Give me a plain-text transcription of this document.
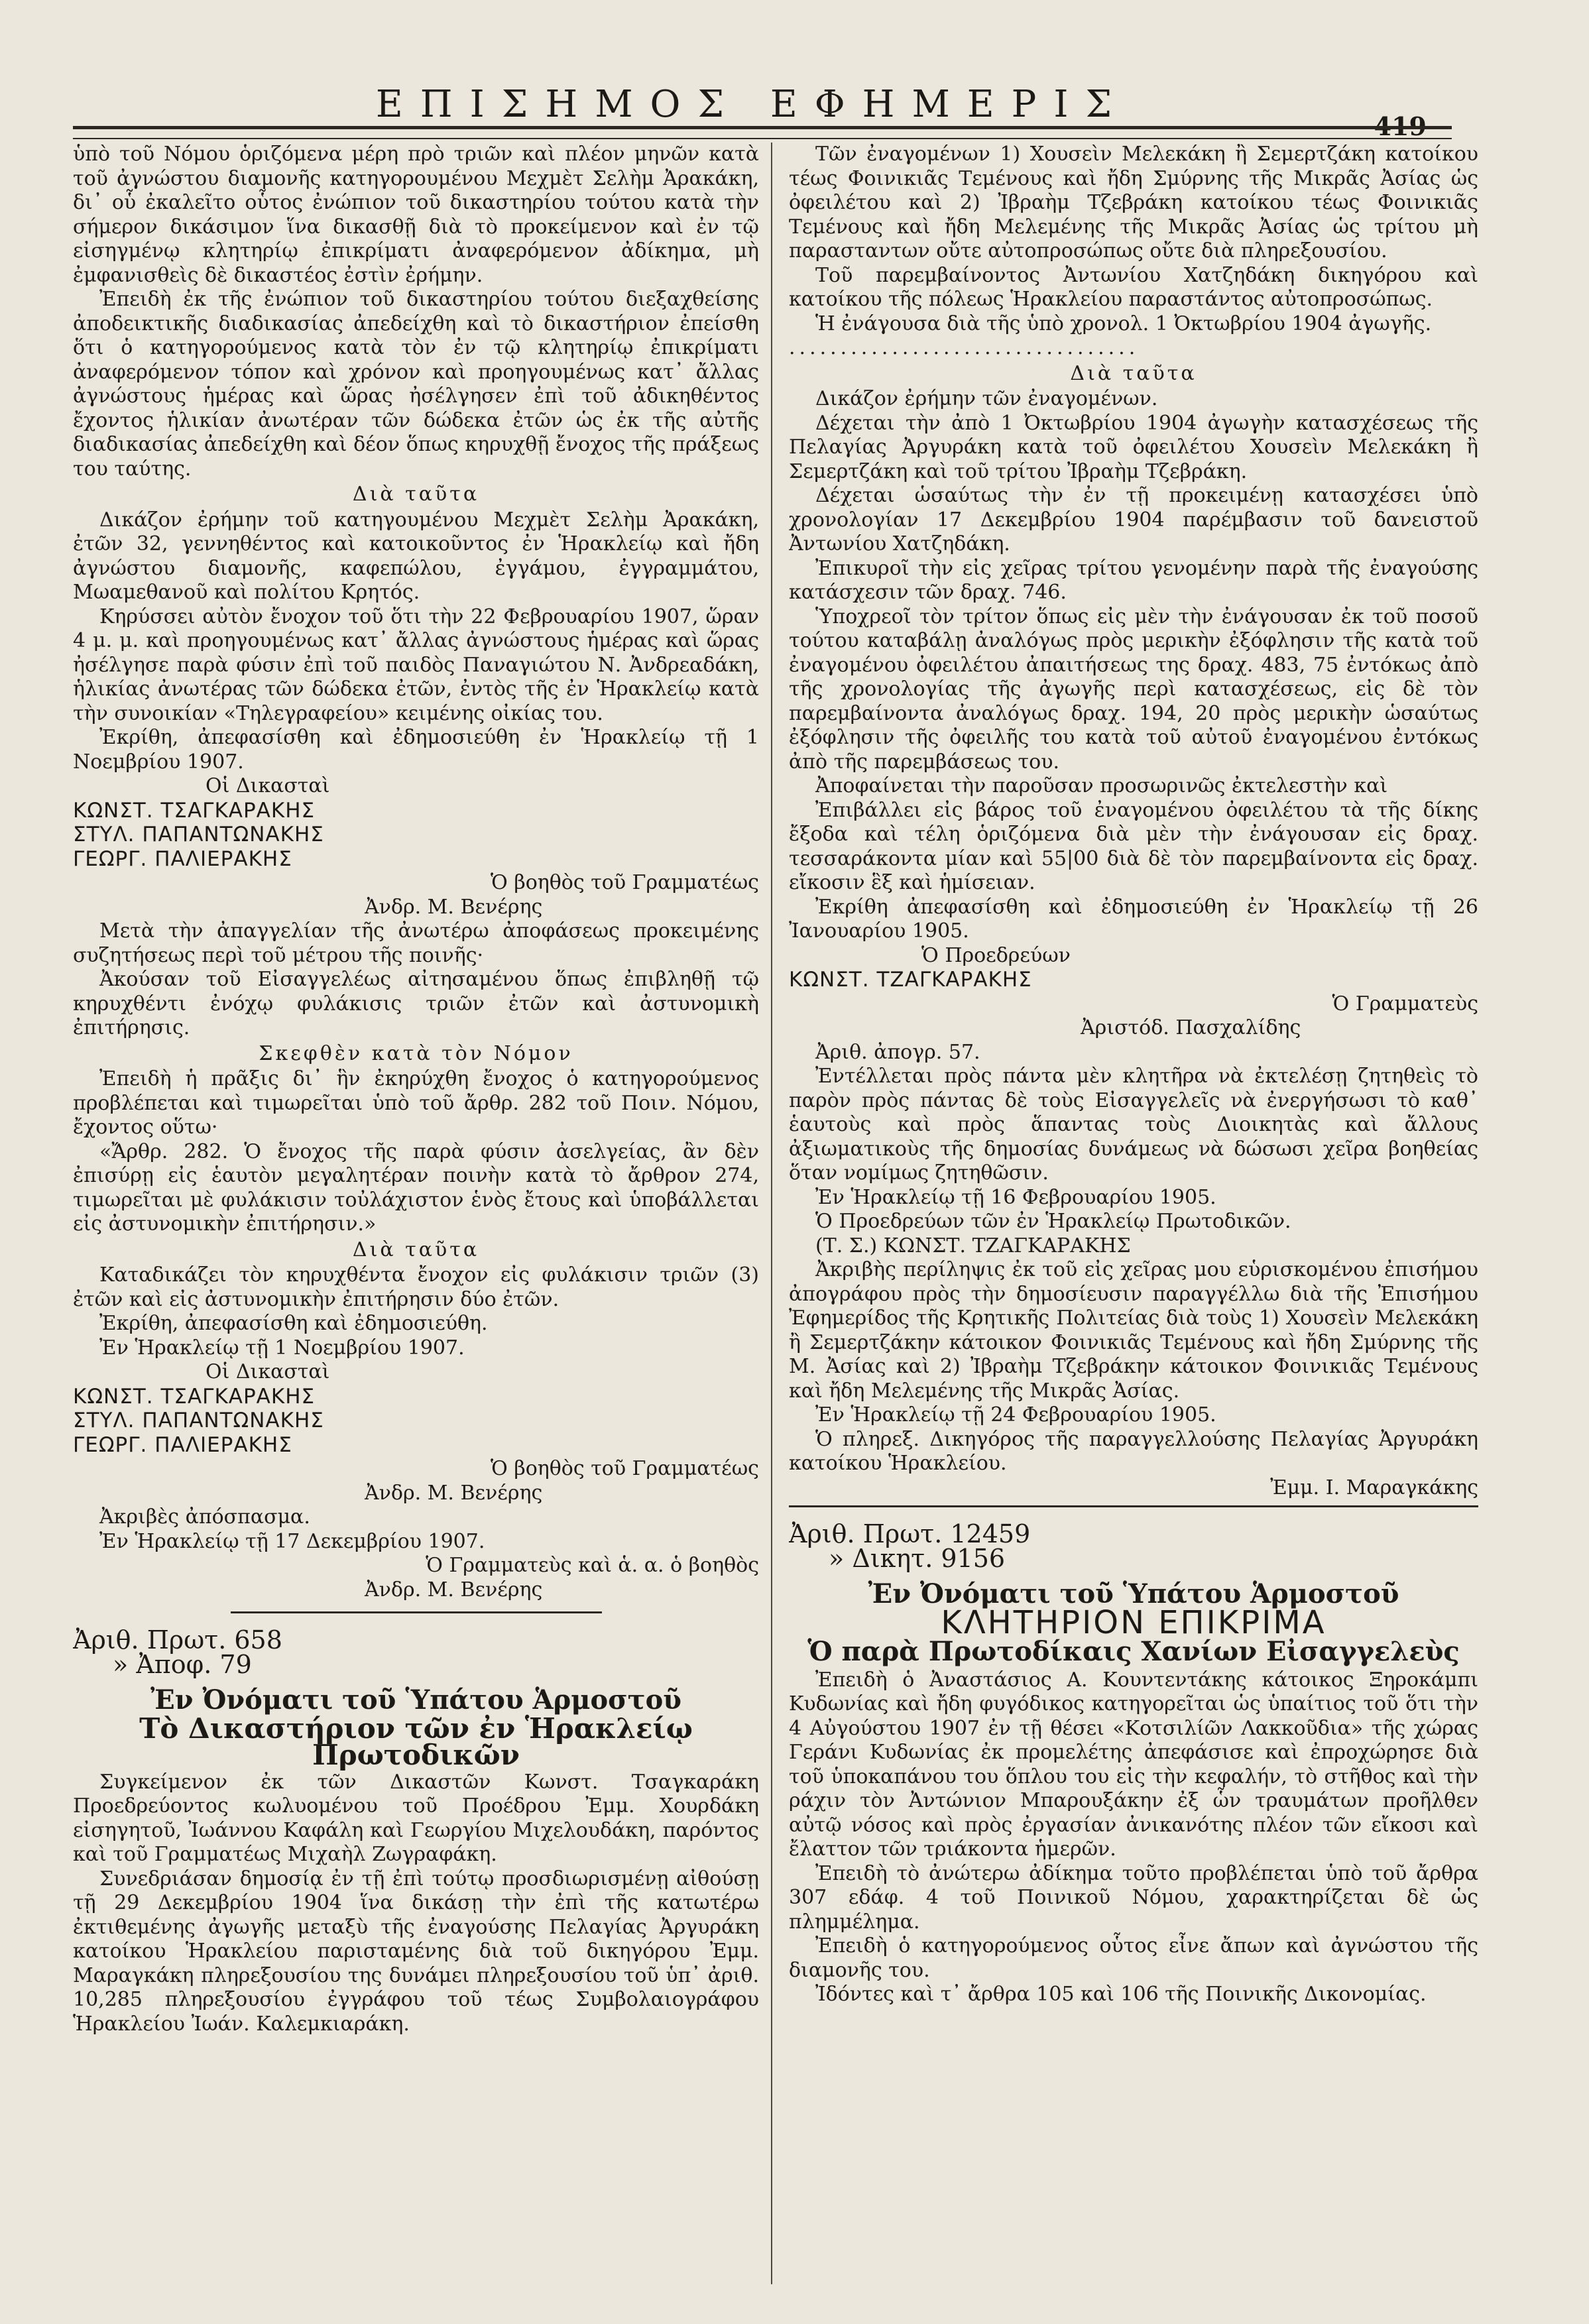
ΕΠΙΣΗΜΟΣ ΕΦΗΜΕΡΙΣ
419

ὑπὸ τοῦ Νόμου ὁριζόμενα μέρη πρὸ τριῶν καὶ πλέον μηνῶν κατὰ τοῦ ἀγνώστου διαμονῆς κατηγορουμένου Μεχμὲτ Σελὴμ Ἀρακάκη, δι᾽ οὗ ἐκαλεῖτο οὗτος ἐνώπιον τοῦ δικαστηρίου τούτου κατὰ τὴν σήμερον δικάσιμον ἵνα δικασθῇ διὰ τὸ προκείμενον καὶ ἐν τῷ εἰσηγμένῳ κλητηρίῳ ἐπικρίματι ἀναφερόμενον ἀδίκημα, μὴ ἐμφανισθεὶς δὲ δικαστέος ἐστὶν ἐρήμην.

Ἐπειδὴ ἐκ τῆς ἐνώπιον τοῦ δικαστηρίου τούτου διεξαχθείσης ἀποδεικτικῆς διαδικασίας ἀπεδείχθη καὶ τὸ δικαστήριον ἐπείσθη ὅτι ὁ κατηγορούμενος κατὰ τὸν ἐν τῷ κλητηρίῳ ἐπικρίματι ἀναφερόμενον τόπον καὶ χρόνον καὶ προηγουμένως κατ᾽ ἄλλας ἀγνώστους ἡμέρας καὶ ὥρας ἠσέλγησεν ἐπὶ τοῦ ἀδικηθέντος ἔχοντος ἡλικίαν ἀνωτέραν τῶν δώδεκα ἐτῶν ὡς ἐκ τῆς αὐτῆς διαδικασίας ἀπεδείχθη καὶ δέον ὅπως κηρυχθῇ ἔνοχος τῆς πράξεως του ταύτης.

Διὰ ταῦτα

Δικάζον ἐρήμην τοῦ κατηγουμένου Μεχμὲτ Σελὴμ Ἀρακάκη, ἐτῶν 32, γεννηθέντος καὶ κατοικοῦντος ἐν Ἡρακλείῳ καὶ ἤδη ἀγνώστου διαμονῆς, καφεπώλου, ἐγγάμου, ἐγγραμμάτου, Μωαμεθανοῦ καὶ πολίτου Κρητός.

Κηρύσσει αὐτὸν ἔνοχον τοῦ ὅτι τὴν 22 Φεβρουαρίου 1907, ὥραν 4 μ. μ. καὶ προηγουμένως κατ᾽ ἄλλας ἀγνώστους ἡμέρας καὶ ὥρας ἠσέλγησε παρὰ φύσιν ἐπὶ τοῦ παιδὸς Παναγιώτου Ν. Ἀνδρεαδάκη, ἡλικίας ἀνωτέρας τῶν δώδεκα ἐτῶν, ἐντὸς τῆς ἐν Ἡρακλείῳ κατὰ τὴν συνοικίαν «Τηλεγραφείου» κειμένης οἰκίας του.

Ἐκρίθη, ἀπεφασίσθη καὶ ἐδημοσιεύθη ἐν Ἡρακλείῳ τῇ 1 Νοεμβρίου 1907.

Οἱ Δικασταὶ

ΚΩΝΣΤ. ΤΣΑΓΚΑΡΑΚΗΣ

ΣΤΥΛ. ΠΑΠΑΝΤΩΝΑΚΗΣ

ΓΕΩΡΓ. ΠΑΛΙΕΡΑΚΗΣ

Ὁ βοηθὸς τοῦ Γραμματέως

Ἀνδρ. Μ. Βενέρης

Μετὰ τὴν ἀπαγγελίαν τῆς ἀνωτέρω ἀποφάσεως προκειμένης συζητήσεως περὶ τοῦ μέτρου τῆς ποινῆς·

Ἀκούσαν τοῦ Εἰσαγγελέως αἰτησαμένου ὅπως ἐπιβληθῇ τῷ κηρυχθέντι ἐνόχῳ φυλάκισις τριῶν ἐτῶν καὶ ἀστυνομικὴ ἐπιτήρησις.

Σκεφθὲν κατὰ τὸν Νόμον

Ἐπειδὴ ἡ πρᾶξις δι᾽ ἣν ἐκηρύχθη ἔνοχος ὁ κατηγορούμενος προβλέπεται καὶ τιμωρεῖται ὑπὸ τοῦ ἄρθρ. 282 τοῦ Ποιν. Νόμου, ἔχοντος οὕτω·

«Ἄρθρ. 282. Ὁ ἔνοχος τῆς παρὰ φύσιν ἀσελγείας, ἂν δὲν ἐπισύρῃ εἰς ἑαυτὸν μεγαλητέραν ποινὴν κατὰ τὸ ἄρθρον 274, τιμωρεῖται μὲ φυλάκισιν τοὐλάχιστον ἑνὸς ἔτους καὶ ὑποβάλλεται εἰς ἀστυνομικὴν ἐπιτήρησιν.»

Διὰ ταῦτα

Καταδικάζει τὸν κηρυχθέντα ἔνοχον εἰς φυλάκισιν τριῶν (3) ἐτῶν καὶ εἰς ἀστυνομικὴν ἐπιτήρησιν δύο ἐτῶν.

Ἐκρίθη, ἀπεφασίσθη καὶ ἐδημοσιεύθη.

Ἐν Ἡρακλείῳ τῇ 1 Νοεμβρίου 1907.

Οἱ Δικασταὶ

ΚΩΝΣΤ. ΤΣΑΓΚΑΡΑΚΗΣ

ΣΤΥΛ. ΠΑΠΑΝΤΩΝΑΚΗΣ

ΓΕΩΡΓ. ΠΑΛΙΕΡΑΚΗΣ

Ὁ βοηθὸς τοῦ Γραμματέως

Ἀνδρ. Μ. Βενέρης

Ἀκριβὲς ἀπόσπασμα.

Ἐν Ἡρακλείῳ τῇ 17 Δεκεμβρίου 1907.

Ὁ Γραμματεὺς καὶ ἁ. α. ὁ βοηθὸς

Ἀνδρ. Μ. Βενέρης

Ἀριθ. Πρωτ. 658

» Ἀποφ. 79

Ἐν Ὀνόματι τοῦ Ὑπάτου Ἁρμοστοῦ

Τὸ Δικαστήριον τῶν ἐν Ἡρακλείῳ

Πρωτοδικῶν

Συγκείμενον ἐκ τῶν Δικαστῶν Κωνστ. Τσαγκαράκη Προεδρεύοντος κωλυομένου τοῦ Προέδρου Ἐμμ. Χουρδάκη εἰσηγητοῦ, Ἰωάννου Καφάλη καὶ Γεωργίου Μιχελουδάκη, παρόντος καὶ τοῦ Γραμματέως Μιχαὴλ Ζωγραφάκη.

Συνεδριάσαν δημοσίᾳ ἐν τῇ ἐπὶ τούτῳ προσδιωρισμένῃ αἰθούσῃ τῇ 29 Δεκεμβρίου 1904 ἵνα δικάσῃ τὴν ἐπὶ τῆς κατωτέρω ἐκτιθεμένης ἀγωγῆς μεταξὺ τῆς ἐναγούσης Πελαγίας Ἀργυράκη κατοίκου Ἡρακλείου παρισταμένης διὰ τοῦ δικηγόρου Ἐμμ. Μαραγκάκη πληρεξουσίου της δυνάμει πληρεξουσίου τοῦ ὑπ᾽ ἀριθ. 10,285 πληρεξουσίου ἐγγράφου τοῦ τέως Συμβολαιογράφου Ἡρακλείου Ἰωάν. Καλεμκιαράκη.

Τῶν ἐναγομένων 1) Χουσεὶν Μελεκάκη ἢ Σεμερτζάκη κατοίκου τέως Φοινικιᾶς Τεμένους καὶ ἤδη Σμύρνης τῆς Μικρᾶς Ἀσίας ὡς ὀφειλέτου καὶ 2) Ἰβραὴμ Τζεβράκη κατοίκου τέως Φοινικιᾶς Τεμένους καὶ ἤδη Μελεμένης τῆς Μικρᾶς Ἀσίας ὡς τρίτου μὴ παρασταντων οὔτε αὐτοπροσώπως οὔτε διὰ πληρεξουσίου.

Τοῦ παρεμβαίνοντος Ἀντωνίου Χατζηδάκη δικηγόρου καὶ κατοίκου τῆς πόλεως Ἡρακλείου παραστάντος αὐτοπροσώπως.

Ἡ ἐνάγουσα διὰ τῆς ὑπὸ χρονολ. 1 Ὀκτωβρίου 1904 ἀγωγῆς.

..................................

Διὰ ταῦτα

Δικάζον ἐρήμην τῶν ἐναγομένων.

Δέχεται τὴν ἀπὸ 1 Ὀκτωβρίου 1904 ἀγωγὴν κατασχέσεως τῆς Πελαγίας Ἀργυράκη κατὰ τοῦ ὀφειλέτου Χουσεὶν Μελεκάκη ἢ Σεμερτζάκη καὶ τοῦ τρίτου Ἰβραὴμ Τζεβράκη.

Δέχεται ὡσαύτως τὴν ἐν τῇ προκειμένῃ κατασχέσει ὑπὸ χρονολογίαν 17 Δεκεμβρίου 1904 παρέμβασιν τοῦ δανειστοῦ Ἀντωνίου Χατζηδάκη.

Ἐπικυροῖ τὴν εἰς χεῖρας τρίτου γενομένην παρὰ τῆς ἐναγούσης κατάσχεσιν τῶν δραχ. 746.

Ὑποχρεοῖ τὸν τρίτον ὅπως εἰς μὲν τὴν ἐνάγουσαν ἐκ τοῦ ποσοῦ τούτου καταβάλῃ ἀναλόγως πρὸς μερικὴν ἐξόφλησιν τῆς κατὰ τοῦ ἐναγομένου ὀφειλέτου ἀπαιτήσεως της δραχ. 483, 75 ἐντόκως ἀπὸ τῆς χρονολογίας τῆς ἀγωγῆς περὶ κατασχέσεως, εἰς δὲ τὸν παρεμβαίνοντα ἀναλόγως δραχ. 194, 20 πρὸς μερικὴν ὡσαύτως ἐξόφλησιν τῆς ὀφειλῆς του κατὰ τοῦ αὐτοῦ ἐναγομένου ἐντόκως ἀπὸ τῆς παρεμβάσεως του.

Ἀποφαίνεται τὴν παροῦσαν προσωρινῶς ἐκτελεστὴν καὶ

Ἐπιβάλλει εἰς βάρος τοῦ ἐναγομένου ὀφειλέτου τὰ τῆς δίκης ἔξοδα καὶ τέλη ὁριζόμενα διὰ μὲν τὴν ἐνάγουσαν εἰς δραχ. τεσσαράκοντα μίαν καὶ 55|00 διὰ δὲ τὸν παρεμβαίνοντα εἰς δραχ. εἴκοσιν ἓξ καὶ ἡμίσειαν.

Ἐκρίθη ἀπεφασίσθη καὶ ἐδημοσιεύθη ἐν Ἡρακλείῳ τῇ 26 Ἰανουαρίου 1905.

Ὁ Προεδρεύων

ΚΩΝΣΤ. ΤΖΑΓΚΑΡΑΚΗΣ

Ὁ Γραμματεὺς

Ἀριστόδ. Πασχαλίδης

Ἀριθ. ἀπογρ. 57.

Ἐντέλλεται πρὸς πάντα μὲν κλητῆρα νὰ ἐκτελέσῃ ζητηθεὶς τὸ παρὸν πρὸς πάντας δὲ τοὺς Εἰσαγγελεῖς νὰ ἐνεργήσωσι τὸ καθ᾽ ἑαυτοὺς καὶ πρὸς ἅπαντας τοὺς Διοικητὰς καὶ ἄλλους ἀξιωματικοὺς τῆς δημοσίας δυνάμεως νὰ δώσωσι χεῖρα βοηθείας ὅταν νομίμως ζητηθῶσιν.

Ἐν Ἡρακλείῳ τῇ 16 Φεβρουαρίου 1905.

Ὁ Προεδρεύων τῶν ἐν Ἡρακλείῳ Πρωτοδικῶν.

(Τ. Σ.) ΚΩΝΣΤ. ΤΖΑΓΚΑΡΑΚΗΣ

Ἀκριβὴς περίληψις ἐκ τοῦ εἰς χεῖρας μου εὑρισκομένου ἐπισήμου ἀπογράφου πρὸς τὴν δημοσίευσιν παραγγέλλω διὰ τῆς Ἐπισήμου Ἐφημερίδος τῆς Κρητικῆς Πολιτείας διὰ τοὺς 1) Χουσεὶν Μελεκάκη ἢ Σεμερτζάκην κάτοικον Φοινικιᾶς Τεμένους καὶ ἤδη Σμύρνης τῆς Μ. Ἀσίας καὶ 2) Ἰβραὴμ Τζεβράκην κάτοικον Φοινικιᾶς Τεμένους καὶ ἤδη Μελεμένης τῆς Μικρᾶς Ἀσίας.

Ἐν Ἡρακλείῳ τῇ 24 Φεβρουαρίου 1905.

Ὁ πληρεξ. Δικηγόρος τῆς παραγγελλούσης Πελαγίας Ἀργυράκη κατοίκου Ἡρακλείου.

Ἐμμ. Ι. Μαραγκάκης

Ἀριθ. Πρωτ. 12459

» Δικητ. 9156

Ἐν Ὀνόματι τοῦ Ὑπάτου Ἁρμοστοῦ

ΚΛΗΤΗΡΙΟΝ ΕΠΙΚΡΙΜΑ

Ὁ παρὰ Πρωτοδίκαις Χανίων Εἰσαγγελεὺς

Ἐπειδὴ ὁ Ἀναστάσιος Α. Κουντεντάκης κάτοικος Ξηροκάμπι Κυδωνίας καὶ ἤδη φυγόδικος κατηγορεῖται ὡς ὑπαίτιος τοῦ ὅτι τὴν 4 Αὐγούστου 1907 ἐν τῇ θέσει «Κοτσιλίῶν Λακκοῦδια» τῆς χώρας Γεράνι Κυδωνίας ἐκ προμελέτης ἀπεφάσισε καὶ ἐπροχώρησε διὰ τοῦ ὑποκαπάνου του ὅπλου του εἰς τὴν κεφαλήν, τὸ στῆθος καὶ τὴν ράχιν τὸν Ἀντώνιον Μπαρουξάκην ἐξ ὧν τραυμάτων προῆλθεν αὐτῷ νόσος καὶ πρὸς ἐργασίαν ἀνικανότης πλέον τῶν εἴκοσι καὶ ἔλαττον τῶν τριάκοντα ἡμερῶν.

Ἐπειδὴ τὸ ἀνώτερω ἀδίκημα τοῦτο προβλέπεται ὑπὸ τοῦ ἄρθρα 307 εδάφ. 4 τοῦ Ποινικοῦ Νόμου, χαρακτηρίζεται δὲ ὡς πλημμέλημα.

Ἐπειδὴ ὁ κατηγορούμενος οὗτος εἶνε ἄπων καὶ ἀγνώστου τῆς διαμονῆς του.

Ἰδόντες καὶ τ᾽ ἄρθρα 105 καὶ 106 τῆς Ποινικῆς Δικονομίας.
